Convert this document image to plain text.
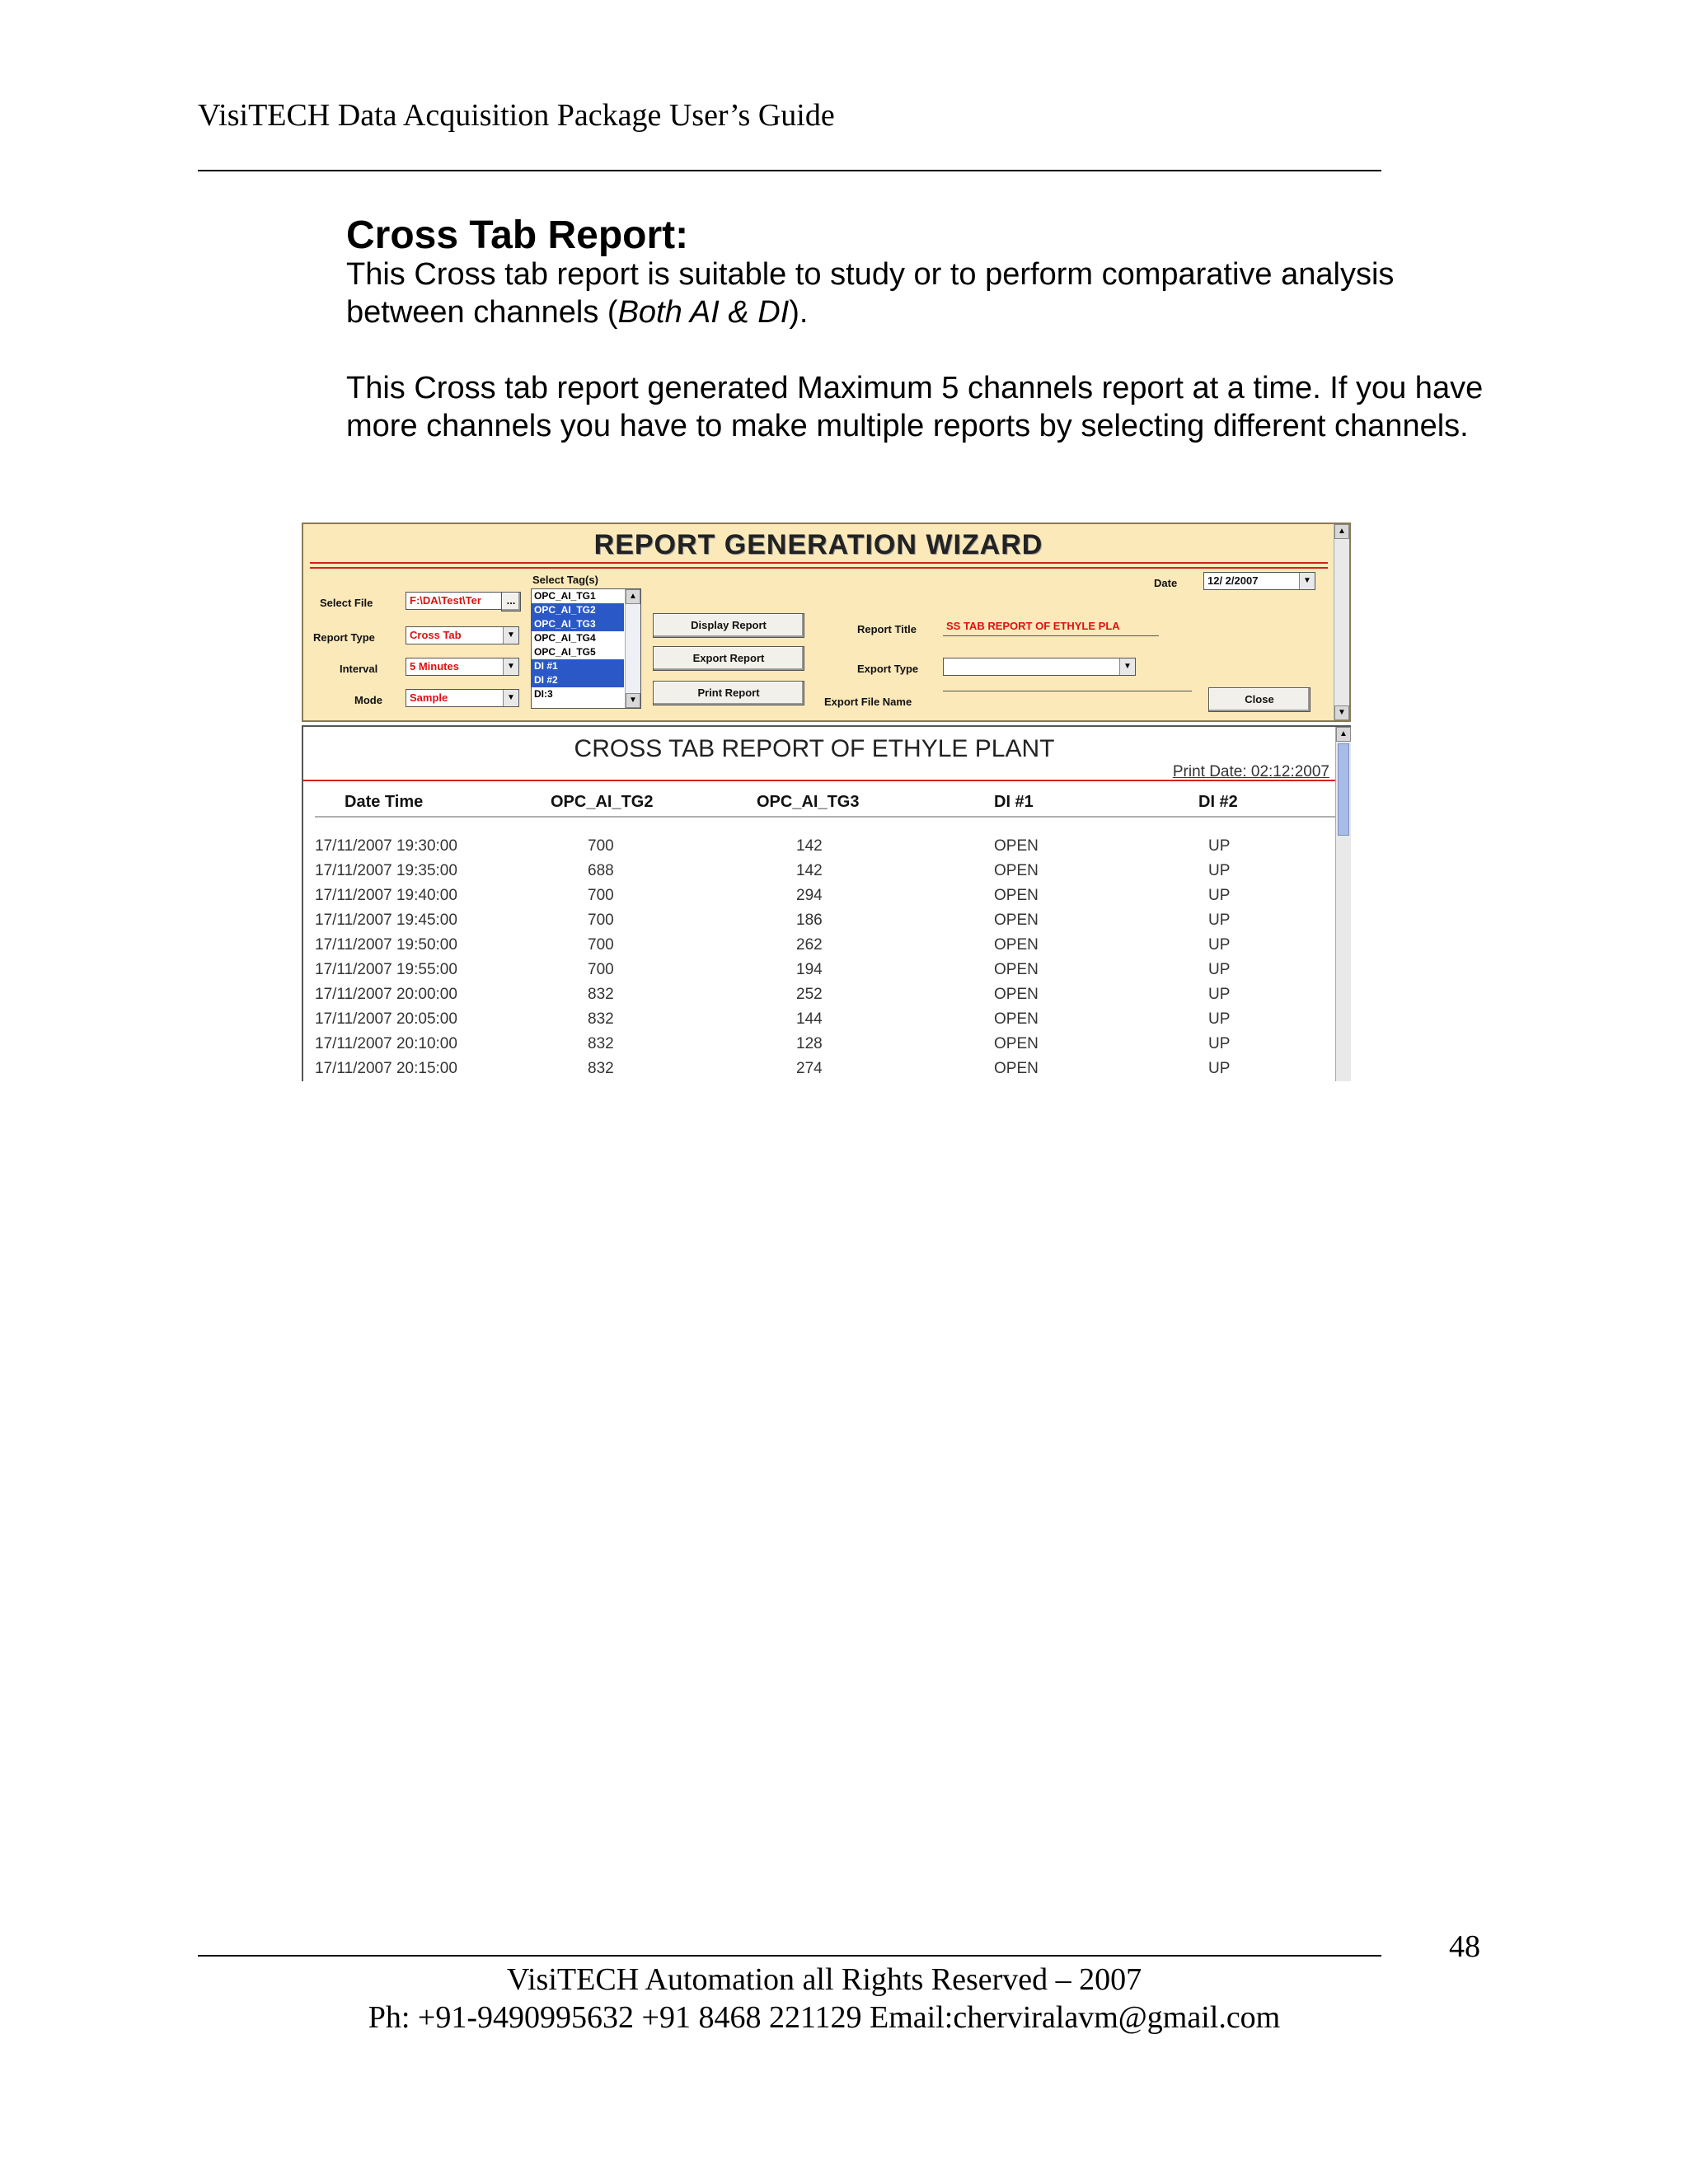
VisiTECH Data Acquisition Package User’s Guide
Cross Tab Report:
This Cross tab report is suitable to study or to perform comparative analysis between channels (Both AI & DI).
This Cross tab report generated Maximum 5 channels report at a time. If you have more channels you have to make multiple reports by selecting different channels.
REPORT GENERATION WIZARD
Select File	F:\DA\Test\Ter	...
Report Type	Cross Tab	▼
Interval	5 Minutes	▼
Mode	Sample	▼
Select Tag(s)
OPC_AI_TG1
OPC_AI_TG2
OPC_AI_TG3
OPC_AI_TG4
OPC_AI_TG5
DI #1
DI #2
DI:3
▲
▼
Display Report
Export Report
Print Report
Date	12/ 2/2007	▼
Report Title	SS TAB REPORT OF ETHYLE PLA
Export Type	▼
Export File Name	Close
▲
▼
CROSS TAB REPORT OF ETHYLE PLANT
Print Date: 02:12:2007
Date Time	OPC_AI_TG2	OPC_AI_TG3	DI #1	DI #2
17/11/2007 19:30:00	700	142	OPEN	UP
17/11/2007 19:35:00	688	142	OPEN	UP
17/11/2007 19:40:00	700	294	OPEN	UP
17/11/2007 19:45:00	700	186	OPEN	UP
17/11/2007 19:50:00	700	262	OPEN	UP
17/11/2007 19:55:00	700	194	OPEN	UP
17/11/2007 20:00:00	832	252	OPEN	UP
17/11/2007 20:05:00	832	144	OPEN	UP
17/11/2007 20:10:00	832	128	OPEN	UP
17/11/2007 20:15:00	832	274	OPEN	UP
▲
48
VisiTECH Automation all Rights Reserved – 2007
Ph: +91-9490995632 +91 8468 221129 Email:cherviralavm@gmail.com
